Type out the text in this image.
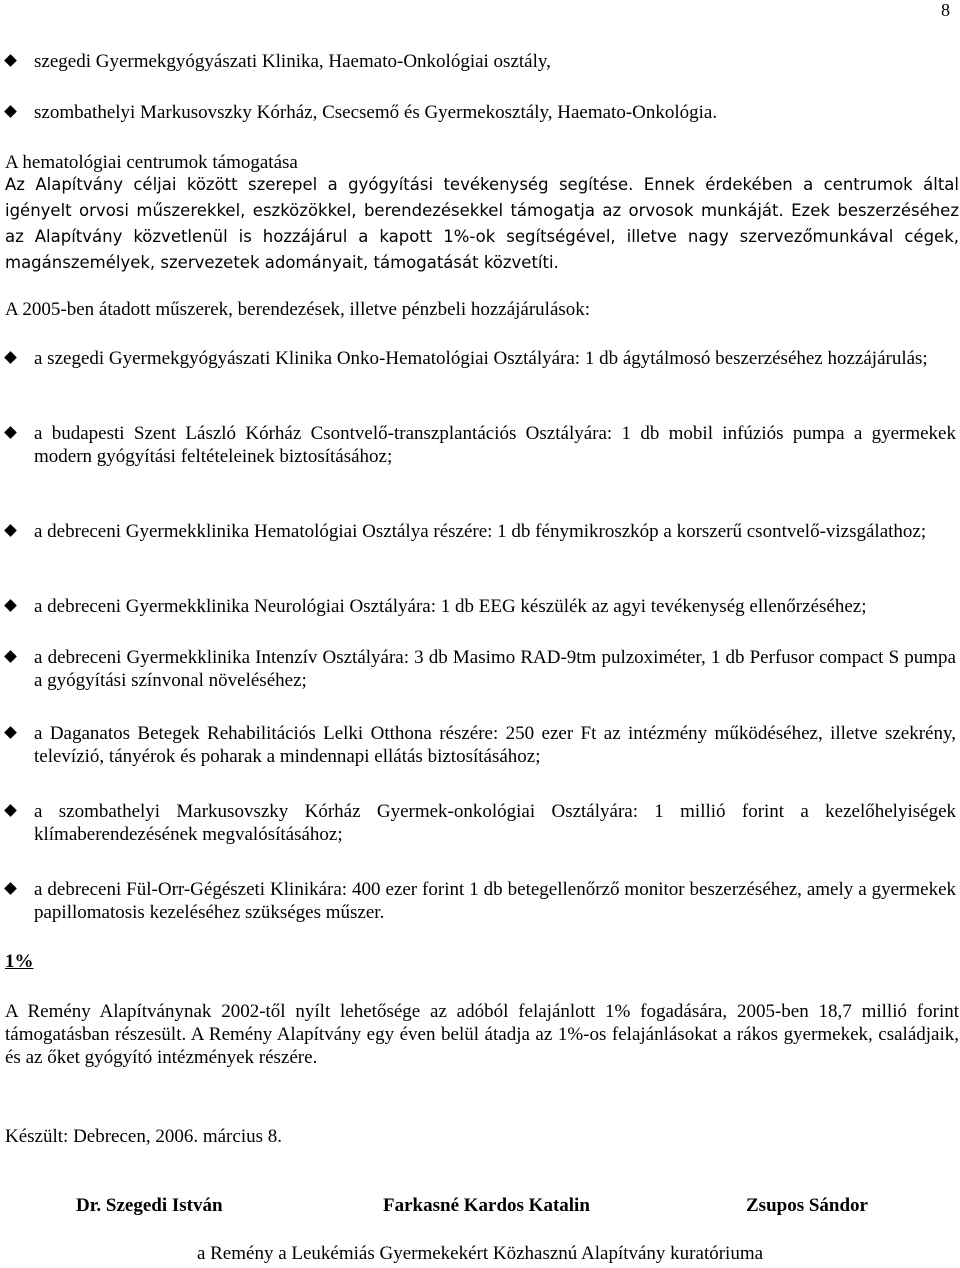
8
szegedi Gyermekgyógyászati Klinika, Haemato-Onkológiai osztály,
szombathelyi Markusovszky Kórház, Csecsemő és Gyermekosztály, Haemato-Onkológia.
A hematológiai centrumok támogatása
Az Alapítvány céljai között szerepel a gyógyítási tevékenység segítése. Ennek érdekében a centrumok által igényelt orvosi műszerekkel, eszközökkel, berendezésekkel támogatja az orvosok munkáját. Ezek beszerzéséhez az Alapítvány közvetlenül is hozzájárul a kapott 1%-ok segítségével, illetve nagy szervezőmunkával cégek, magánszemélyek, szervezetek adományait, támogatását közvetíti.
A 2005-ben átadott műszerek, berendezések, illetve pénzbeli hozzájárulások:
a szegedi Gyermekgyógyászati Klinika Onko-Hematológiai Osztályára: 1 db ágytálmosó beszerzéséhez hozzájárulás;
a budapesti Szent László Kórház Csontvelő-transzplantációs Osztályára: 1 db mobil infúziós pumpa a gyermekek modern gyógyítási feltételeinek biztosításához;
a debreceni Gyermekklinika Hematológiai Osztálya részére: 1 db fénymikroszkóp a korszerű csontvelő-vizsgálathoz;
a debreceni Gyermekklinika Neurológiai Osztályára: 1 db EEG készülék az agyi tevékenység ellenőrzéséhez;
a debreceni Gyermekklinika Intenzív Osztályára: 3 db Masimo RAD-9tm pulzoximéter, 1 db Perfusor compact S pumpa a gyógyítási színvonal növeléséhez;
a Daganatos Betegek Rehabilitációs Lelki Otthona részére: 250 ezer Ft az intézmény működéséhez, illetve szekrény, televízió, tányérok és poharak a mindennapi ellátás biztosításához;
a szombathelyi Markusovszky Kórház Gyermek-onkológiai Osztályára: 1 millió forint a kezelőhelyiségek klímaberendezésének megvalósításához;
a debreceni Fül-Orr-Gégészeti Klinikára: 400 ezer forint 1 db betegellenőrző monitor beszerzéséhez, amely a gyermekek papillomatosis kezeléséhez szükséges műszer.
1%
A Remény Alapítványnak 2002-től nyílt lehetősége az adóból felajánlott 1% fogadására, 2005-ben 18,7 millió forint támogatásban részesült. A Remény Alapítvány egy éven belül átadja az 1%-os felajánlásokat a rákos gyermekek, családjaik, és az őket gyógyító intézmények részére.
Készült: Debrecen, 2006. március 8.
Dr. Szegedi István	Farkasné Kardos Katalin	Zsupos Sándor
a Remény a Leukémiás Gyermekekért Közhasznú Alapítvány kuratóriuma
